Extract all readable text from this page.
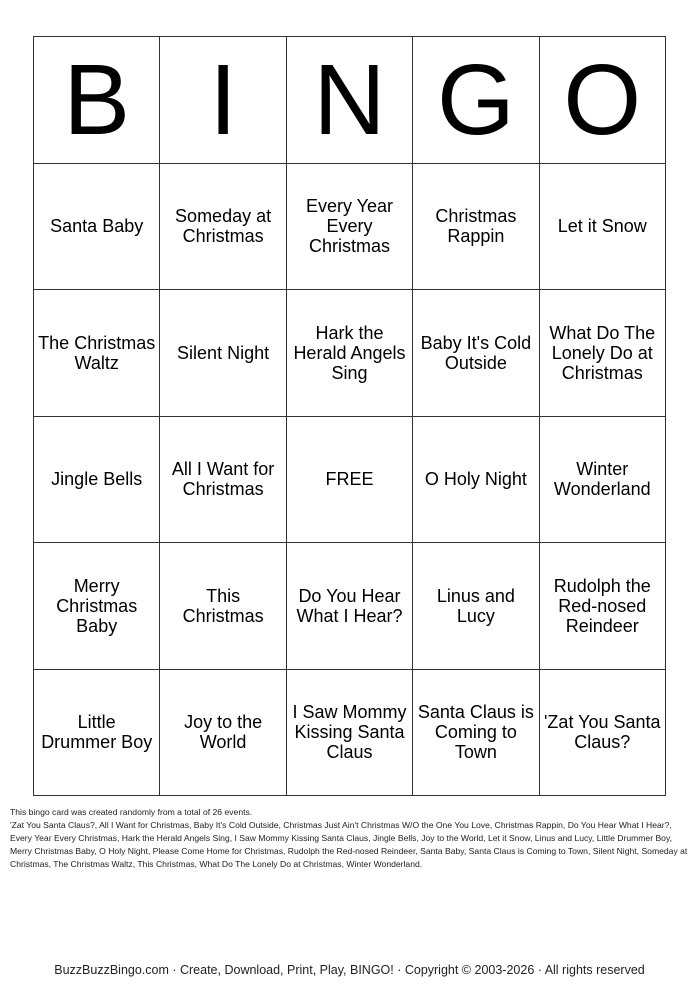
B	I	N	G	O
Santa Baby	Someday at Christmas	Every Year Every Christmas	Christmas Rappin	Let it Snow
The Christmas Waltz	Silent Night	Hark the Herald Angels Sing	Baby It's Cold Outside	What Do The Lonely Do at Christmas
Jingle Bells	All I Want for Christmas	FREE	O Holy Night	Winter Wonderland
Merry Christmas Baby	This Christmas	Do You Hear What I Hear?	Linus and Lucy	Rudolph the Red-nosed Reindeer
Little Drummer Boy	Joy to the World	I Saw Mommy Kissing Santa Claus	Santa Claus is Coming to Town	'Zat You Santa Claus?

This bingo card was created randomly from a total of 26 events.

'Zat You Santa Claus?, All I Want for Christmas, Baby It's Cold Outside, Christmas Just Ain't Christmas W/O the One You Love, Christmas Rappin, Do You Hear What I Hear?, Every Year Every Christmas, Hark the Herald Angels Sing, I Saw Mommy Kissing Santa Claus, Jingle Bells, Joy to the World, Let it Snow, Linus and Lucy, Little Drummer Boy, Merry Christmas Baby, O Holy Night, Please Come Home for Christmas, Rudolph the Red-nosed Reindeer, Santa Baby, Santa Claus is Coming to Town, Silent Night, Someday at Christmas, The Christmas Waltz, This Christmas, What Do The Lonely Do at Christmas, Winter Wonderland.

BuzzBuzzBingo.com · Create, Download, Print, Play, BINGO! · Copyright © 2003-2026 · All rights reserved
